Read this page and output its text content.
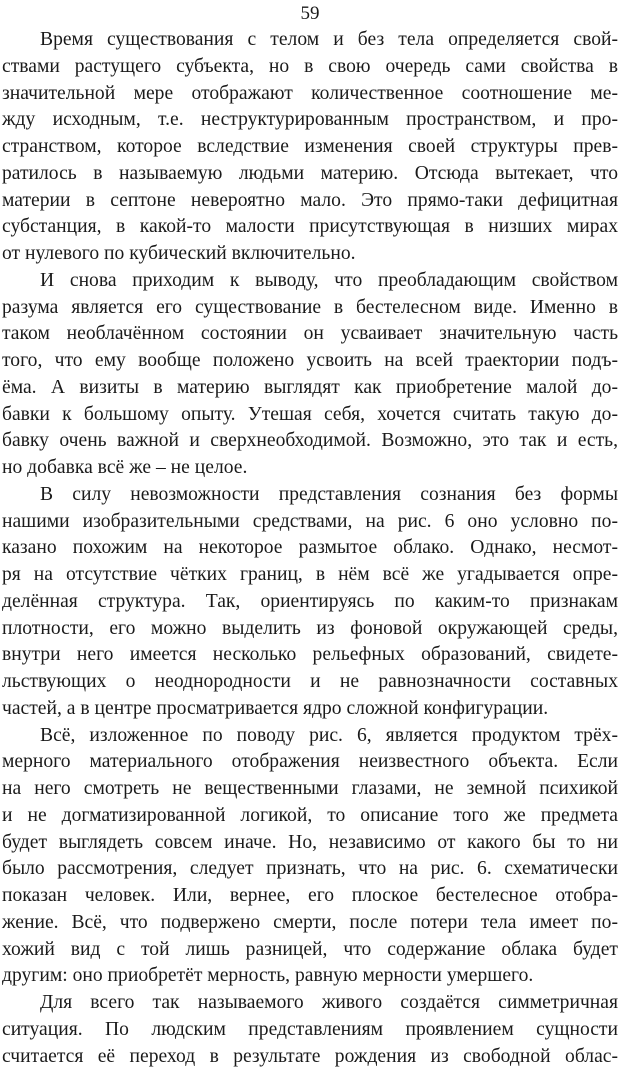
59
Время существования с телом и без тела определяется свой-
ствами растущего субъекта, но в свою очередь сами свойства в
значительной мере отображают количественное соотношение ме-
жду исходным, т.е. неструктурированным пространством, и про-
странством, которое вследствие изменения своей структуры прев-
ратилось в называемую людьми материю. Отсюда вытекает, что
материи в септоне невероятно мало. Это прямо-таки дефицитная
субстанция, в какой-то малости присутствующая в низших мирах
от нулевого по кубический включительно.
И снова приходим к выводу, что преобладающим свойством
разума является его существование в бестелесном виде. Именно в
таком необлачённом состоянии он усваивает значительную часть
того, что ему вообще положено усвоить на всей траектории подъ-
ёма. А визиты в материю выглядят как приобретение малой до-
бавки к большому опыту. Утешая себя, хочется считать такую до-
бавку очень важной и сверхнеобходимой. Возможно, это так и есть,
но добавка всё же – не целое.
В силу невозможности представления сознания без формы
нашими изобразительными средствами, на рис. 6 оно условно по-
казано похожим на некоторое размытое облако. Однако, несмот-
ря на отсутствие чётких границ, в нём всё же угадывается опре-
делённая структура. Так, ориентируясь по каким-то признакам
плотности, его можно выделить из фоновой окружающей среды,
внутри него имеется несколько рельефных образований, свидете-
льствующих о неоднородности и не равнозначности составных
частей, а в центре просматривается ядро сложной конфигурации.
Всё, изложенное по поводу рис. 6, является продуктом трёх-
мерного материального отображения неизвестного объекта. Если
на него смотреть не вещественными глазами, не земной психикой
и не догматизированной логикой, то описание того же предмета
будет выглядеть совсем иначе. Но, независимо от какого бы то ни
было рассмотрения, следует признать, что на рис. 6. схематически
показан человек. Или, вернее, его плоское бестелесное отобра-
жение. Всё, что подвержено смерти, после потери тела имеет по-
хожий вид с той лишь разницей, что содержание облака будет
другим: оно приобретёт мерность, равную мерности умершего.
Для всего так называемого живого создаётся симметричная
ситуация. По людским представлениям проявлением сущности
считается её переход в результате рождения из свободной облас-
